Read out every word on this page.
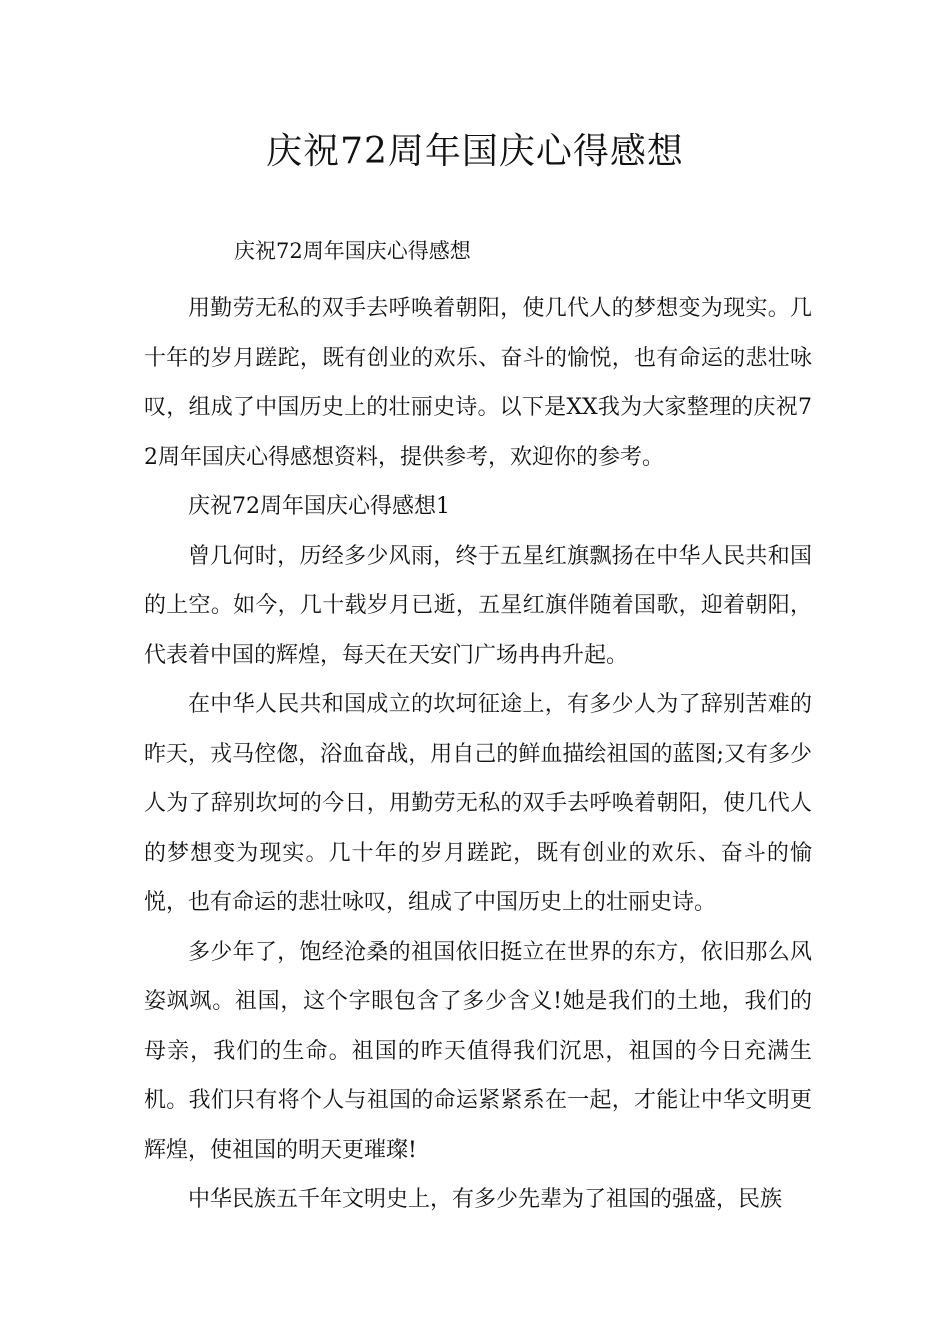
庆祝72周年国庆心得感想

庆祝72周年国庆心得感想

用勤劳无私的双手去呼唤着朝阳，使几代人的梦想变为现实。几十年的岁月蹉跎，既有创业的欢乐、奋斗的愉悦，也有命运的悲壮咏叹，组成了中国历史上的壮丽史诗。以下是XX我为大家整理的庆祝72周年国庆心得感想资料，提供参考，欢迎你的参考。

庆祝72周年国庆心得感想1

曾几何时，历经多少风雨，终于五星红旗飘扬在中华人民共和国的上空。如今，几十载岁月已逝，五星红旗伴随着国歌，迎着朝阳，代表着中国的辉煌，每天在天安门广场冉冉升起。

在中华人民共和国成立的坎坷征途上，有多少人为了辞别苦难的昨天，戎马倥偬，浴血奋战，用自己的鲜血描绘祖国的蓝图;又有多少人为了辞别坎坷的今日，用勤劳无私的双手去呼唤着朝阳，使几代人的梦想变为现实。几十年的岁月蹉跎，既有创业的欢乐、奋斗的愉悦，也有命运的悲壮咏叹，组成了中国历史上的壮丽史诗。

多少年了，饱经沧桑的祖国依旧挺立在世界的东方，依旧那么风姿飒飒。祖国，这个字眼包含了多少含义!她是我们的土地，我们的母亲，我们的生命。祖国的昨天值得我们沉思，祖国的今日充满生机。我们只有将个人与祖国的命运紧紧系在一起，才能让中华文明更辉煌，使祖国的明天更璀璨!

中华民族五千年文明史上，有多少先辈为了祖国的强盛，民族
